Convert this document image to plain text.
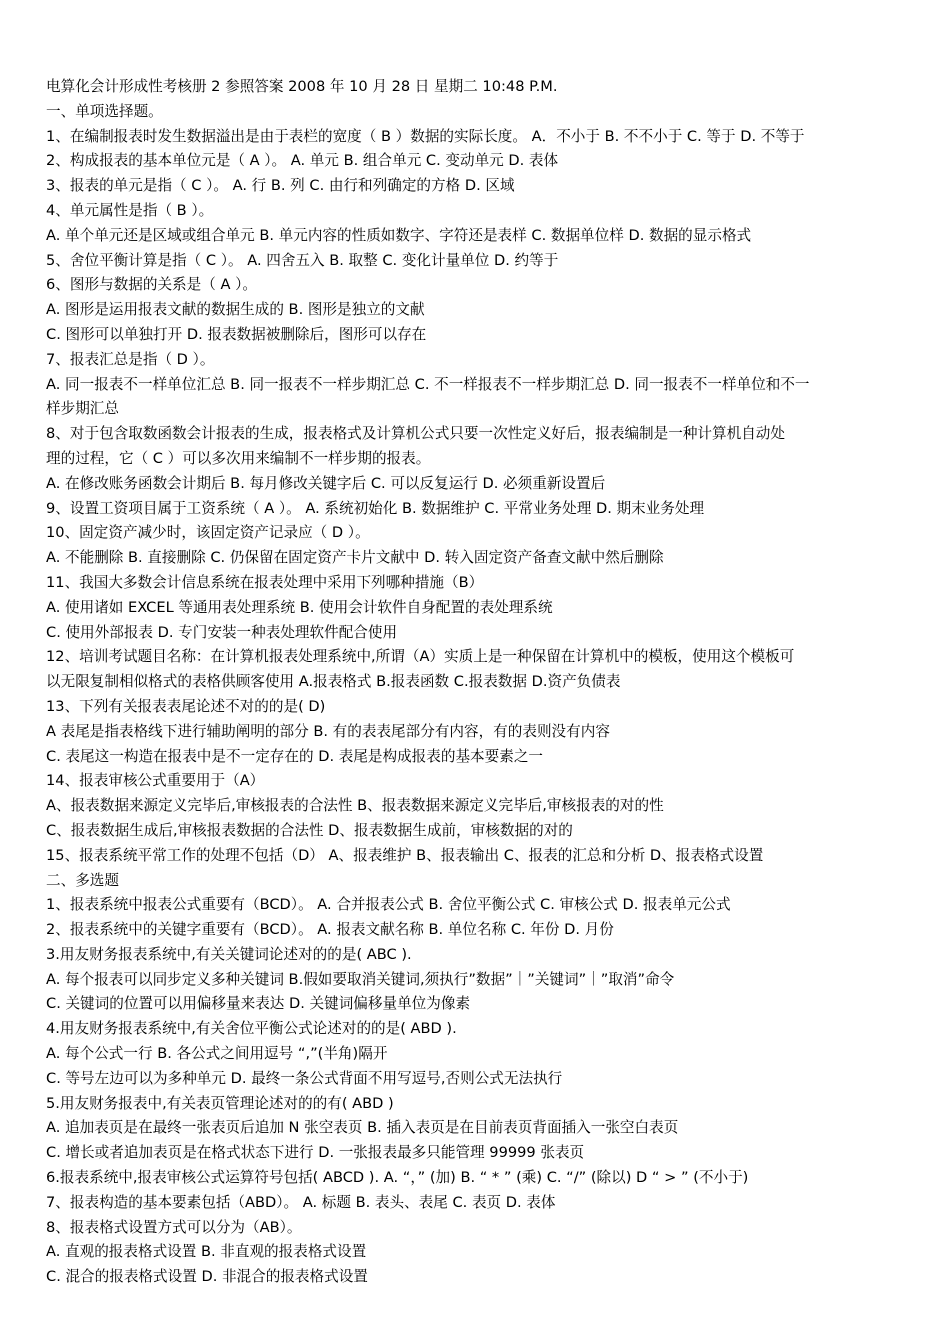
电算化会计形成性考核册 2 参照答案 2008 年 10 月 28 日 星期二 10:48 P.M.
一、单项选择题。
1、在编制报表时发生数据溢出是由于表栏的宽度（ B ）数据的实际长度。 A．不小于 B. 不不小于 C. 等于 D. 不等于
2、构成报表的基本单位元是（ A ）。 A. 单元 B. 组合单元 C. 变动单元 D. 表体
3、报表的单元是指（ C ）。 A. 行 B. 列 C. 由行和列确定的方格 D. 区域
4、单元属性是指（ B ）。
A. 单个单元还是区域或组合单元 B. 单元内容的性质如数字、字符还是表样 C. 数据单位样 D. 数据的显示格式
5、舍位平衡计算是指（ C ）。 A. 四舍五入 B. 取整 C. 变化计量单位 D. 约等于
6、图形与数据的关系是（ A ）。
A. 图形是运用报表文献的数据生成的 B. 图形是独立的文献
C. 图形可以单独打开 D. 报表数据被删除后，图形可以存在
7、报表汇总是指（ D ）。
A. 同一报表不一样单位汇总 B. 同一报表不一样步期汇总 C. 不一样报表不一样步期汇总 D. 同一报表不一样单位和不一
样步期汇总
8、对于包含取数函数会计报表的生成，报表格式及计算机公式只要一次性定义好后，报表编制是一种计算机自动处
理的过程，它（ C ）可以多次用来编制不一样步期的报表。
A. 在修改账务函数会计期后 B. 每月修改关键字后 C. 可以反复运行 D. 必须重新设置后
9、设置工资项目属于工资系统（ A ）。 A. 系统初始化 B. 数据维护 C. 平常业务处理 D. 期末业务处理
10、固定资产减少时，该固定资产记录应（ D ）。
A. 不能删除 B. 直接删除 C. 仍保留在固定资产卡片文献中 D. 转入固定资产备查文献中然后删除
11、我国大多数会计信息系统在报表处理中采用下列哪种措施（B）
A. 使用诸如 EXCEL 等通用表处理系统 B. 使用会计软件自身配置的表处理系统
C. 使用外部报表 D. 专门安装一种表处理软件配合使用
12、培训考试题目名称：在计算机报表处理系统中,所谓（A）实质上是一种保留在计算机中的模板，使用这个模板可
以无限复制相似格式的表格供顾客使用 A.报表格式 B.报表函数 C.报表数据 D.资产负债表
13、下列有关报表表尾论述不对的的是( D)
A 表尾是指表格线下进行辅助阐明的部分 B. 有的表表尾部分有内容，有的表则没有内容
C. 表尾这一构造在报表中是不一定存在的 D. 表尾是构成报表的基本要素之一
14、报表审核公式重要用于（A）
A、报表数据来源定义完毕后,审核报表的合法性 B、报表数据来源定义完毕后,审核报表的对的性
C、报表数据生成后,审核报表数据的合法性 D、报表数据生成前，审核数据的对的
15、报表系统平常工作的处理不包括（D） A、报表维护 B、报表输出 C、报表的汇总和分析 D、报表格式设置
二、多选题
1、报表系统中报表公式重要有（BCD）。 A. 合并报表公式 B. 舍位平衡公式 C. 审核公式 D. 报表单元公式
2、报表系统中的关键字重要有（BCD）。 A. 报表文献名称 B. 单位名称 C. 年份 D. 月份
3.用友财务报表系统中,有关关键词论述对的的是( ABC ).
A. 每个报表可以同步定义多种关键词 B.假如要取消关键词,须执行”数据”｜”关键词”｜”取消”命令
C. 关键词的位置可以用偏移量来表达 D. 关键词偏移量单位为像素
4.用友财务报表系统中,有关舍位平衡公式论述对的的是( ABD ).
A. 每个公式一行 B. 各公式之间用逗号 “,”(半角)隔开
C. 等号左边可以为多种单元 D. 最终一条公式背面不用写逗号,否则公式无法执行
5.用友财务报表中,有关表页管理论述对的的有( ABD )
A. 追加表页是在最终一张表页后追加 N 张空表页 B. 插入表页是在目前表页背面插入一张空白表页
C. 增长或者追加表页是在格式状态下进行 D. 一张报表最多只能管理 99999 张表页
6.报表系统中,报表审核公式运算符号包括( ABCD ). A. “，” (加) B. “ * ” (乘) C. “/” (除以) D “ > ” (不小于)
7、报表构造的基本要素包括（ABD）。 A. 标题 B. 表头、表尾 C. 表页 D. 表体
8、报表格式设置方式可以分为（AB）。
A. 直观的报表格式设置 B. 非直观的报表格式设置
C. 混合的报表格式设置 D. 非混合的报表格式设置
